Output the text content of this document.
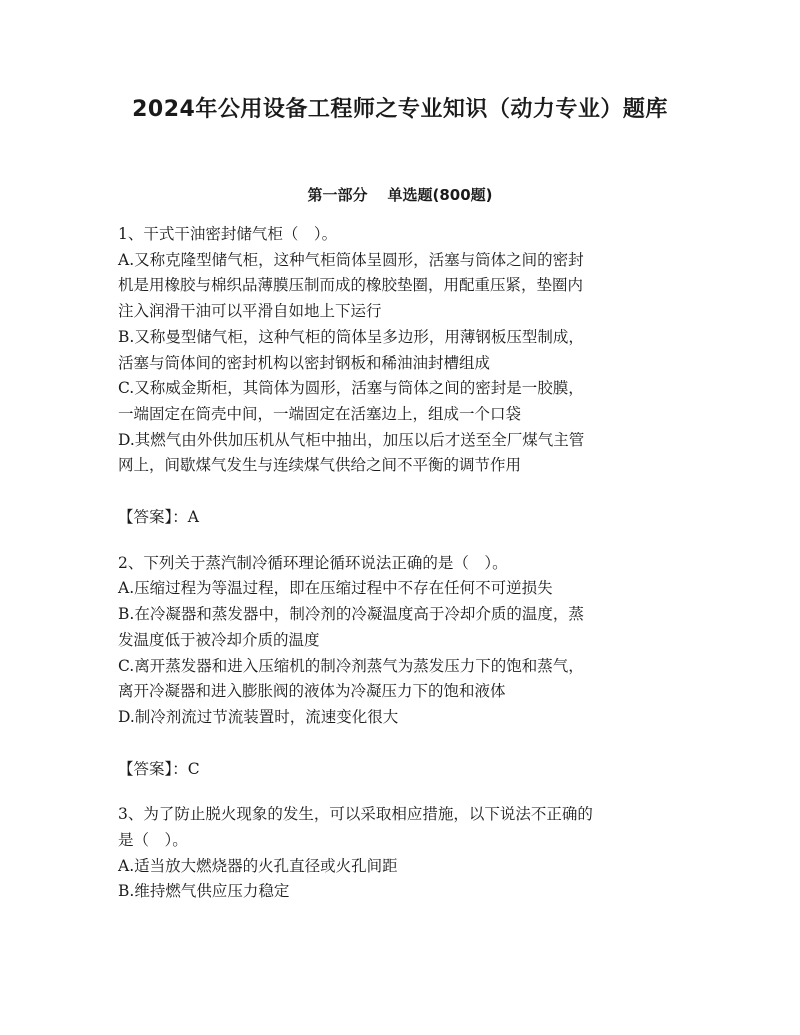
2024年公用设备工程师之专业知识（动力专业）题库
第一部分 单选题(800题)

1、干式干油密封储气柜（　）。

A.又称克隆型储气柜，这种气柜筒体呈圆形，活塞与筒体之间的密封

机是用橡胶与棉织品薄膜压制而成的橡胶垫圈，用配重压紧，垫圈内

注入润滑干油可以平滑自如地上下运行

B.又称曼型储气柜，这种气柜的筒体呈多边形，用薄钢板压型制成，

活塞与筒体间的密封机构以密封钢板和稀油油封槽组成

C.又称威金斯柜，其筒体为圆形，活塞与筒体之间的密封是一胶膜，

一端固定在筒壳中间，一端固定在活塞边上，组成一个口袋

D.其燃气由外供加压机从气柜中抽出，加压以后才送至全厂煤气主管

网上，间歇煤气发生与连续煤气供给之间不平衡的调节作用

【答案】：A

2、下列关于蒸汽制冷循环理论循环说法正确的是（　）。

A.压缩过程为等温过程，即在压缩过程中不存在任何不可逆损失

B.在冷凝器和蒸发器中，制冷剂的冷凝温度高于冷却介质的温度，蒸

发温度低于被冷却介质的温度

C.离开蒸发器和进入压缩机的制冷剂蒸气为蒸发压力下的饱和蒸气，

离开冷凝器和进入膨胀阀的液体为冷凝压力下的饱和液体

D.制冷剂流过节流装置时，流速变化很大

【答案】：C

3、为了防止脱火现象的发生，可以采取相应措施，以下说法不正确的

是（　）。

A.适当放大燃烧器的火孔直径或火孔间距

B.维持燃气供应压力稳定
